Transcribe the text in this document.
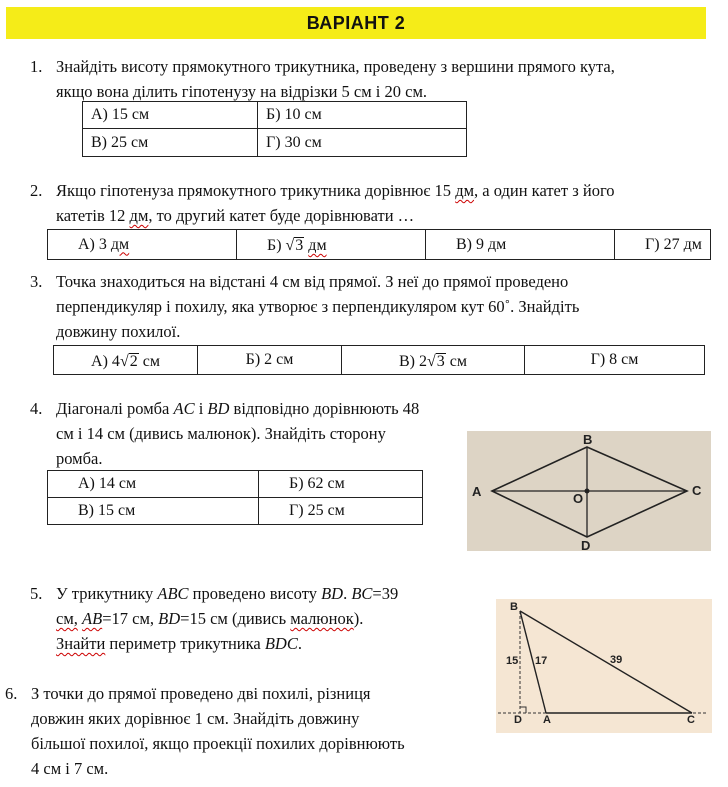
ВАРІАНТ 2
1. Знайдіть висоту прямокутного трикутника, проведену з вершини прямого кута,
якщо вона ділить гіпотенузу на відрізки 5 см і 20 см.
А) 15 см	Б) 10 см
В) 25 см	Г) 30 см
2. Якщо гіпотенуза прямокутного трикутника дорівнює 15 дм, а один катет з його
катетів 12 дм, то другий катет буде дорівнювати …
А) 3 дм	Б) √3 дм	В) 9 дм	Г) 27 дм
3. Точка знаходиться на відстані 4 см від прямої. З неї до прямої проведено
перпендикуляр і похилу, яка утворює з перпендикуляром кут 60˚. Знайдіть
довжину похилої.
А) 4√2 см	Б) 2 см	В) 2√3 см	Г) 8 см
4. Діагоналі ромба AC і BD відповідно дорівнюють 48
см і 14 см (дивись малюнок). Знайдіть сторону
ромба.
А) 14 см	Б) 62 см
В) 15 см	Г) 25 см
B
A	C
D
O
5. У трикутнику ABC проведено висоту BD. BC=39
см, AB=17 см, BD=15 см (дивись малюнок).
Знайти периметр трикутника BDC.
B
D A	C
15 17	39
6. З точки до прямої проведено дві похилі, різниця
довжин яких дорівнює 1 см. Знайдіть довжину
більшої похилої, якщо проекції похилих дорівнюють
4 см і 7 см.
